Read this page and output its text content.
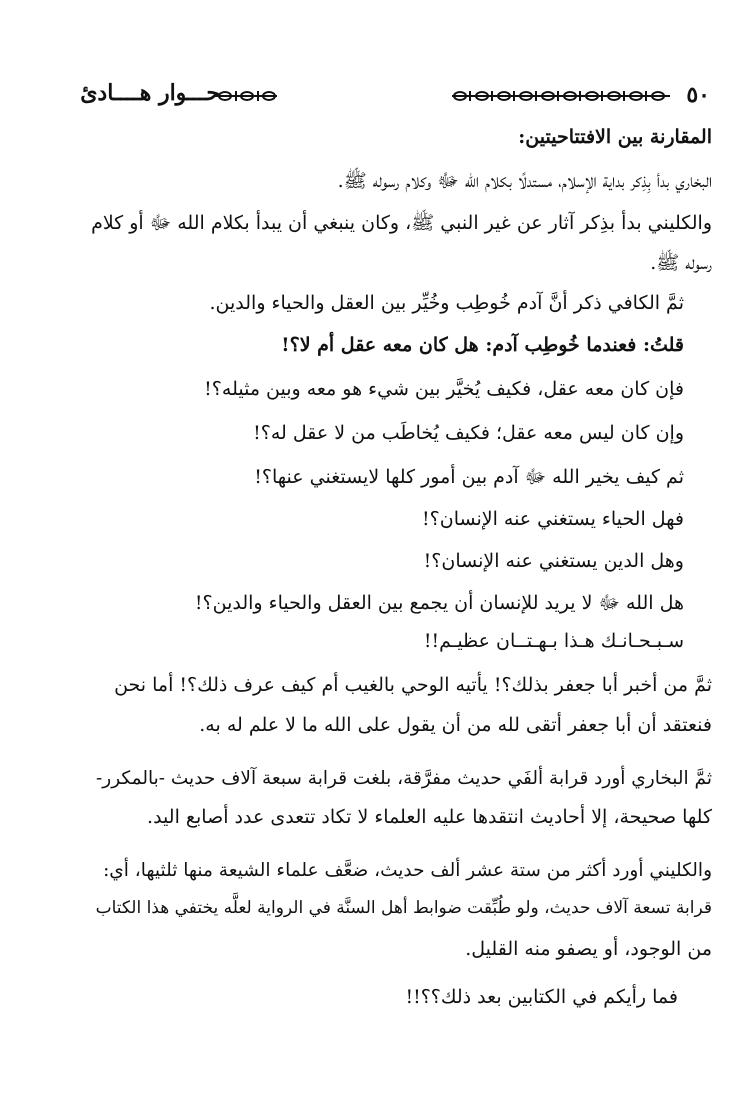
٥٠
حـــوار هــــادئ
المقارنة بين الافتتاحيتين:
البخاري بدأ بِذِكر بداية الإسلام، مستدلًا بكلام الله ﷻ وكلام رسوله ﷺ.
والكليني بدأ بذِكر آثار عن غير النبي ﷺ، وكان ينبغي أن يبدأ بكلام الله ﷻ أو كلام
رسوله ﷺ.
ثمَّ الكافي ذكر أنَّ آدم خُوطِب وخُيِّر بين العقل والحياء والدين.
قلتُ: فعندما خُوطِب آدم: هل كان معه عقل أم لا؟!
فإن كان معه عقل، فكيف يُخيَّر بين شيء هو معه وبين مثيله؟!
وإن كان ليس معه عقل؛ فكيف يُخاطَب من لا عقل له؟!
ثم كيف يخير الله ﷻ آدم بين أمور كلها لايستغني عنها؟!
فهل الحياء يستغني عنه الإنسان؟!
وهل الدين يستغني عنه الإنسان؟!
هل الله ﷻ لا يريد للإنسان أن يجمع بين العقل والحياء والدين؟!
سـبـحـانـك هـذا بـهـتــان عظيـم!!
ثمَّ من أخبر أبا جعفر بذلك؟! يأتيه الوحي بالغيب أم كيف عرف ذلك؟! أما نحن
فنعتقد أن أبا جعفر أتقى لله من أن يقول على الله ما لا علم له به.
ثمَّ البخاري أورد قرابة ألفَي حديث مفرَّقة، بلغت قرابة سبعة آلاف حديث -بالمكرر-
كلها صحيحة، إلا أحاديث انتقدها عليه العلماء لا تكاد تتعدى عدد أصابع اليد.
والكليني أورد أكثر من ستة عشر ألف حديث، ضعَّف علماء الشيعة منها ثلثيها، أي:
قرابة تسعة آلاف حديث، ولو طُبِّقت ضوابط أهل السنَّة في الرواية لعلَّه يختفي هذا الكتاب
من الوجود، أو يصفو منه القليل.
فما رأيكم في الكتابين بعد ذلك؟؟!!
